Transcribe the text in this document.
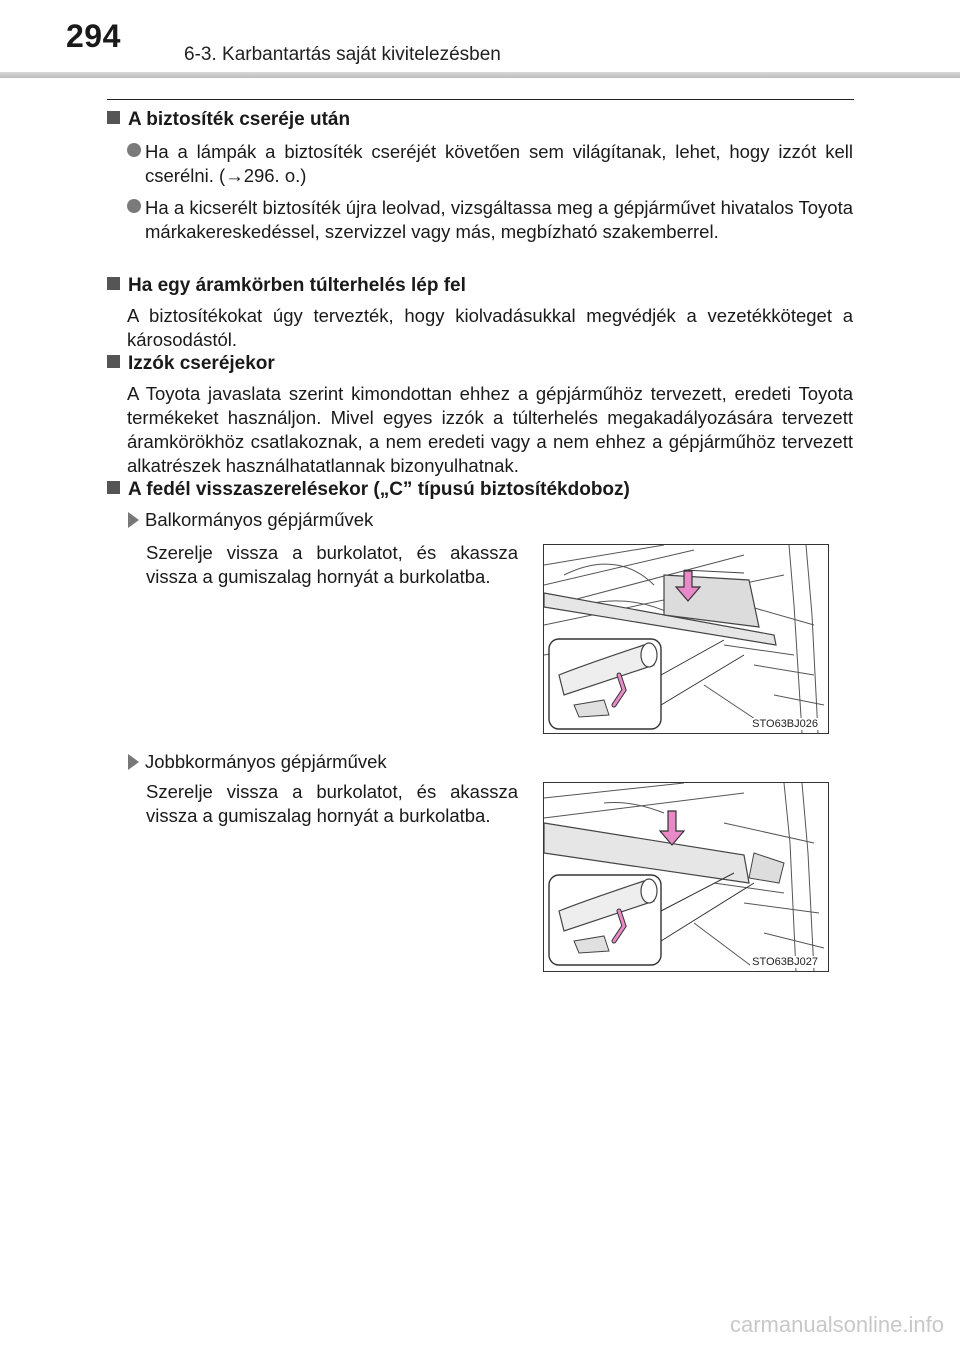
294
6-3. Karbantartás saját kivitelezésben
A biztosíték cseréje után
Ha a lámpák a biztosíték cseréjét követően sem világítanak, lehet, hogy izzót kell cserélni. (→296. o.)
Ha a kicserélt biztosíték újra leolvad, vizsgáltassa meg a gépjárművet hivatalos Toyota márkakereskedéssel, szervizzel vagy más, megbízható szakemberrel.
Ha egy áramkörben túlterhelés lép fel
A biztosítékokat úgy tervezték, hogy kiolvadásukkal megvédjék a vezetékköteget a károsodástól.
Izzók cseréjekor
A Toyota javaslata szerint kimondottan ehhez a gépjárműhöz tervezett, eredeti Toyota termékeket használjon. Mivel egyes izzók a túlterhelés megakadályozására tervezett áramkörökhöz csatlakoznak, a nem eredeti vagy a nem ehhez a gépjárműhöz tervezett alkatrészek használhatatlannak bizonyulhatnak.
A fedél visszaszerelésekor („C” típusú biztosítékdoboz)
Balkormányos gépjárművek
Szerelje vissza a burkolatot, és akassza vissza a gumiszalag hornyát a burkolatba.
STO63BJ026
Jobbkormányos gépjárművek
Szerelje vissza a burkolatot, és akassza vissza a gumiszalag hornyát a burkolatba.
STO63BJ027
carmanualsonline.info
